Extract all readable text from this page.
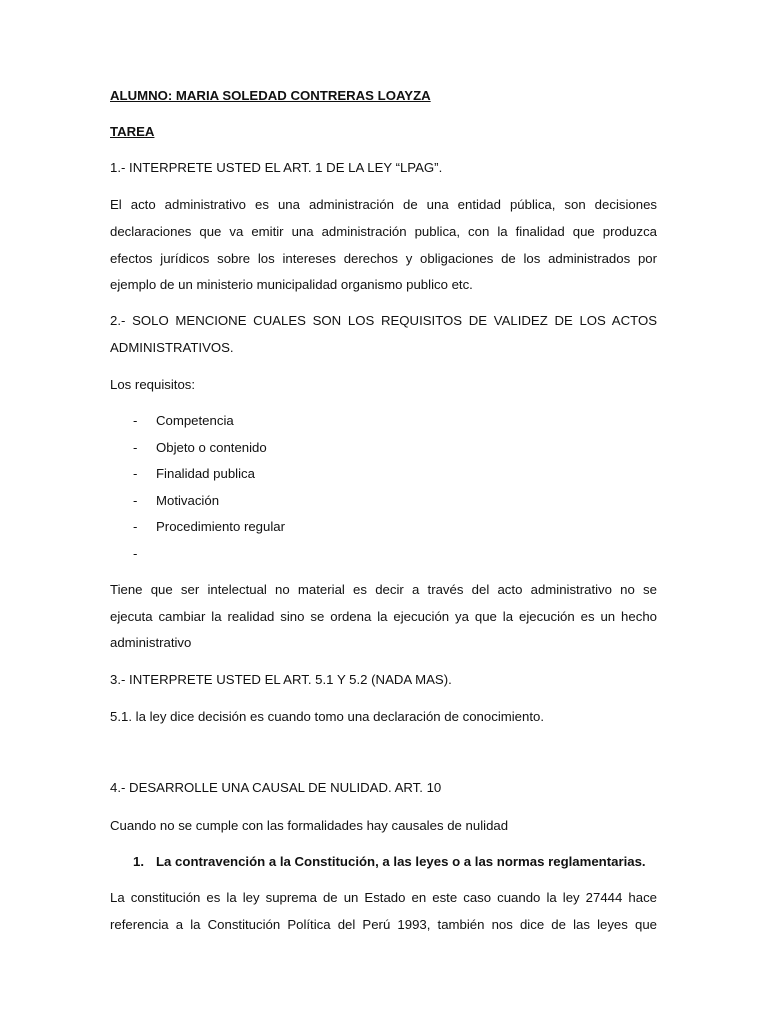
ALUMNO: MARIA SOLEDAD CONTRERAS LOAYZA
TAREA
1.- INTERPRETE USTED EL ART. 1 DE LA LEY “LPAG”.
El acto administrativo es una administración de una entidad pública, son decisiones
declaraciones que va emitir una administración publica, con la finalidad que produzca
efectos jurídicos sobre los intereses derechos y obligaciones de los administrados por
ejemplo de un ministerio municipalidad organismo publico etc.
2.- SOLO MENCIONE CUALES SON LOS REQUISITOS DE VALIDEZ DE LOS ACTOS
ADMINISTRATIVOS.
Los requisitos:
- Competencia
- Objeto o contenido
- Finalidad publica
- Motivación
- Procedimiento regular
-
Tiene que ser intelectual no material es decir a través del acto administrativo no se
ejecuta cambiar la realidad sino se ordena la ejecución ya que la ejecución es un hecho
administrativo
3.- INTERPRETE USTED EL ART. 5.1 Y 5.2 (NADA MAS).
5.1. la ley dice decisión es cuando tomo una declaración de conocimiento.
4.- DESARROLLE UNA CAUSAL DE NULIDAD. ART. 10
Cuando no se cumple con las formalidades hay causales de nulidad
1. La contravención a la Constitución, a las leyes o a las normas reglamentarias.
La constitución es la ley suprema de un Estado en este caso cuando la ley 27444 hace
referencia a la Constitución Política del Perú 1993, también nos dice de las leyes que
